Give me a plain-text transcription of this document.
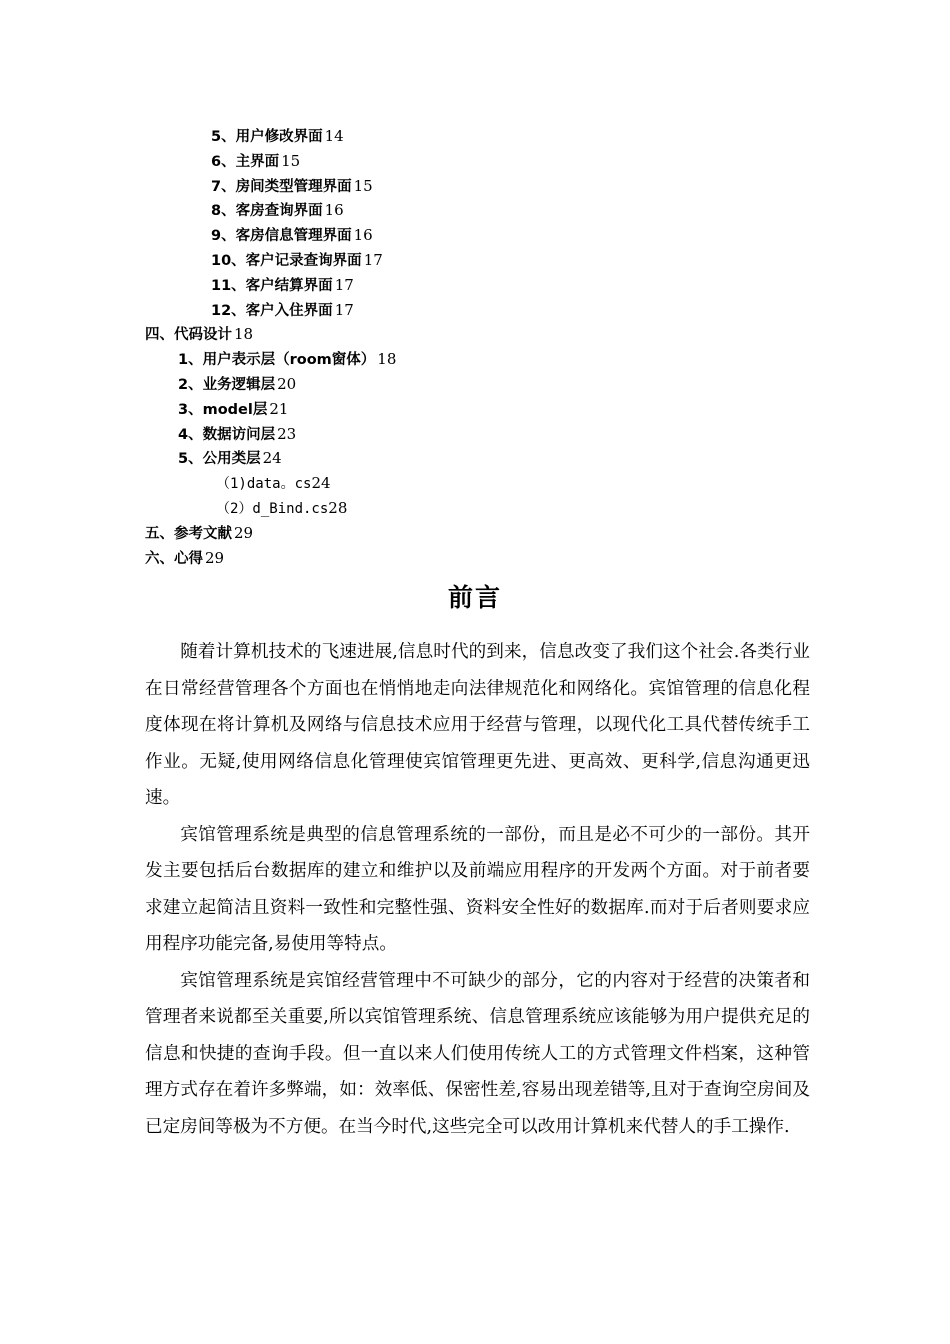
5、用户修改界面 14
6、主界面 15
7、房间类型管理界面 15
8、客房查询界面 16
9、客房信息管理界面 16
10、客户记录查询界面 17
11、客户结算界面 17
12、客户入住界面 17
四、代码设计 18
1、用户表示层（room窗体） 18
2、业务逻辑层 20
3、model层 21
4、数据访问层 23
5、公用类层 24
（1)data。cs24
（2）d_Bind.cs28
五、参考文献 29
六、心得 29
前言

随着计算机技术的飞速进展,信息时代的到来，信息改变了我们这个社会.各类行业在日常经营管理各个方面也在悄悄地走向法律规范化和网络化。宾馆管理的信息化程度体现在将计算机及网络与信息技术应用于经营与管理，以现代化工具代替传统手工作业。无疑,使用网络信息化管理使宾馆管理更先进、更高效、更科学,信息沟通更迅速。

宾馆管理系统是典型的信息管理系统的一部份，而且是必不可少的一部份。其开发主要包括后台数据库的建立和维护以及前端应用程序的开发两个方面。对于前者要求建立起简洁且资料一致性和完整性强、资料安全性好的数据库.而对于后者则要求应用程序功能完备,易使用等特点。

宾馆管理系统是宾馆经营管理中不可缺少的部分，它的内容对于经营的决策者和管理者来说都至关重要,所以宾馆管理系统、信息管理系统应该能够为用户提供充足的信息和快捷的查询手段。但一直以来人们使用传统人工的方式管理文件档案，这种管理方式存在着许多弊端，如：效率低、保密性差,容易出现差错等,且对于查询空房间及已定房间等极为不方便。在当今时代,这些完全可以改用计算机来代替人的手工操作.
